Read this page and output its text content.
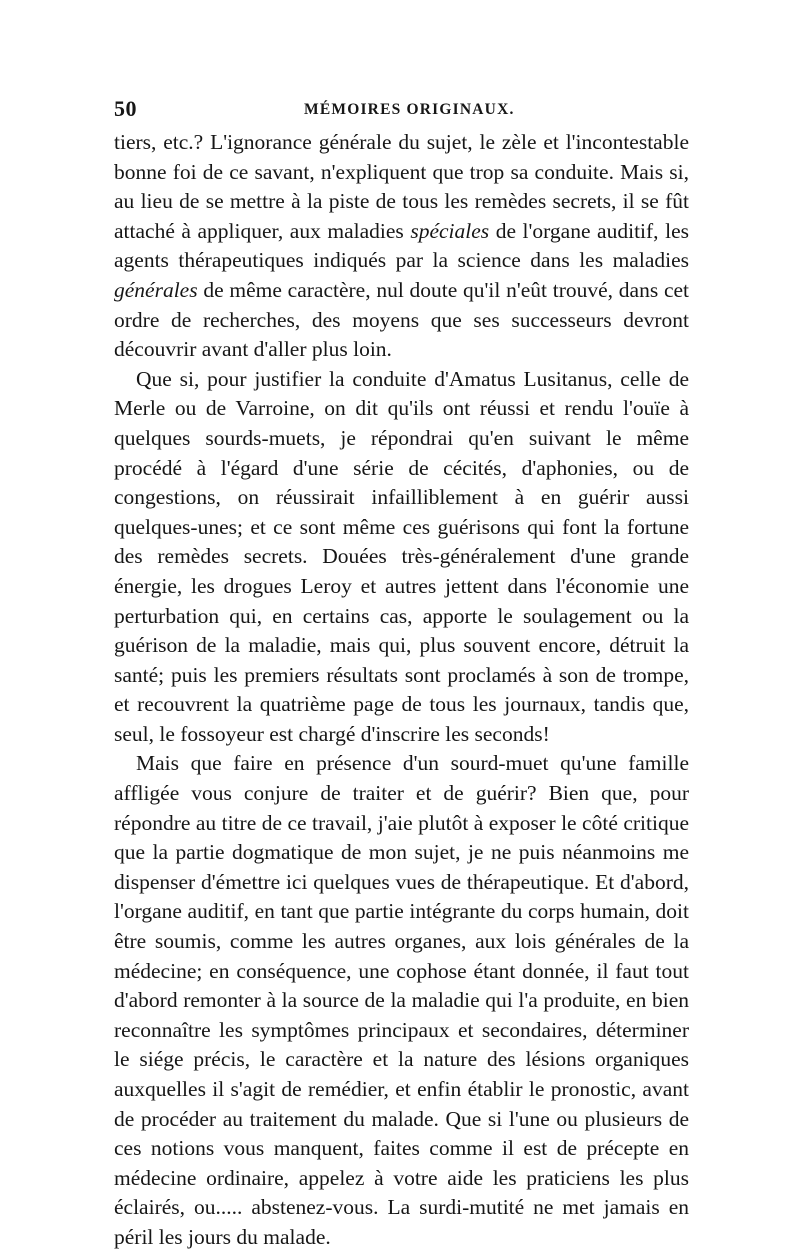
50	MÉMOIRES ORIGINAUX.

tiers, etc.? L'ignorance générale du sujet, le zèle et l'incontestable bonne foi de ce savant, n'expliquent que trop sa conduite. Mais si, au lieu de se mettre à la piste de tous les remèdes secrets, il se fût attaché à appliquer, aux maladies spéciales de l'organe auditif, les agents thérapeutiques indiqués par la science dans les maladies générales de même caractère, nul doute qu'il n'eût trouvé, dans cet ordre de recherches, des moyens que ses successeurs devront découvrir avant d'aller plus loin.

Que si, pour justifier la conduite d'Amatus Lusitanus, celle de Merle ou de Varroine, on dit qu'ils ont réussi et rendu l'ouïe à quelques sourds-muets, je répondrai qu'en suivant le même procédé à l'égard d'une série de cécités, d'aphonies, ou de congestions, on réussirait infailliblement à en guérir aussi quelques-unes; et ce sont même ces guérisons qui font la fortune des remèdes secrets. Douées très-généralement d'une grande énergie, les drogues Leroy et autres jettent dans l'économie une perturbation qui, en certains cas, apporte le soulagement ou la guérison de la maladie, mais qui, plus souvent encore, détruit la santé; puis les premiers résultats sont proclamés à son de trompe, et recouvrent la quatrième page de tous les journaux, tandis que, seul, le fossoyeur est chargé d'inscrire les seconds!

Mais que faire en présence d'un sourd-muet qu'une famille affligée vous conjure de traiter et de guérir? Bien que, pour répondre au titre de ce travail, j'aie plutôt à exposer le côté critique que la partie dogmatique de mon sujet, je ne puis néanmoins me dispenser d'émettre ici quelques vues de thérapeutique. Et d'abord, l'organe auditif, en tant que partie intégrante du corps humain, doit être soumis, comme les autres organes, aux lois générales de la médecine; en conséquence, une cophose étant donnée, il faut tout d'abord remonter à la source de la maladie qui l'a produite, en bien reconnaître les symptômes principaux et secondaires, déterminer le siége précis, le caractère et la nature des lésions organiques auxquelles il s'agit de remédier, et enfin établir le pronostic, avant de procéder au traitement du malade. Que si l'une ou plusieurs de ces notions vous manquent, faites comme il est de précepte en médecine ordinaire, appelez à votre aide les praticiens les plus éclairés, ou..... abstenez-vous. La surdi-mutité ne met jamais en péril les jours du malade.
